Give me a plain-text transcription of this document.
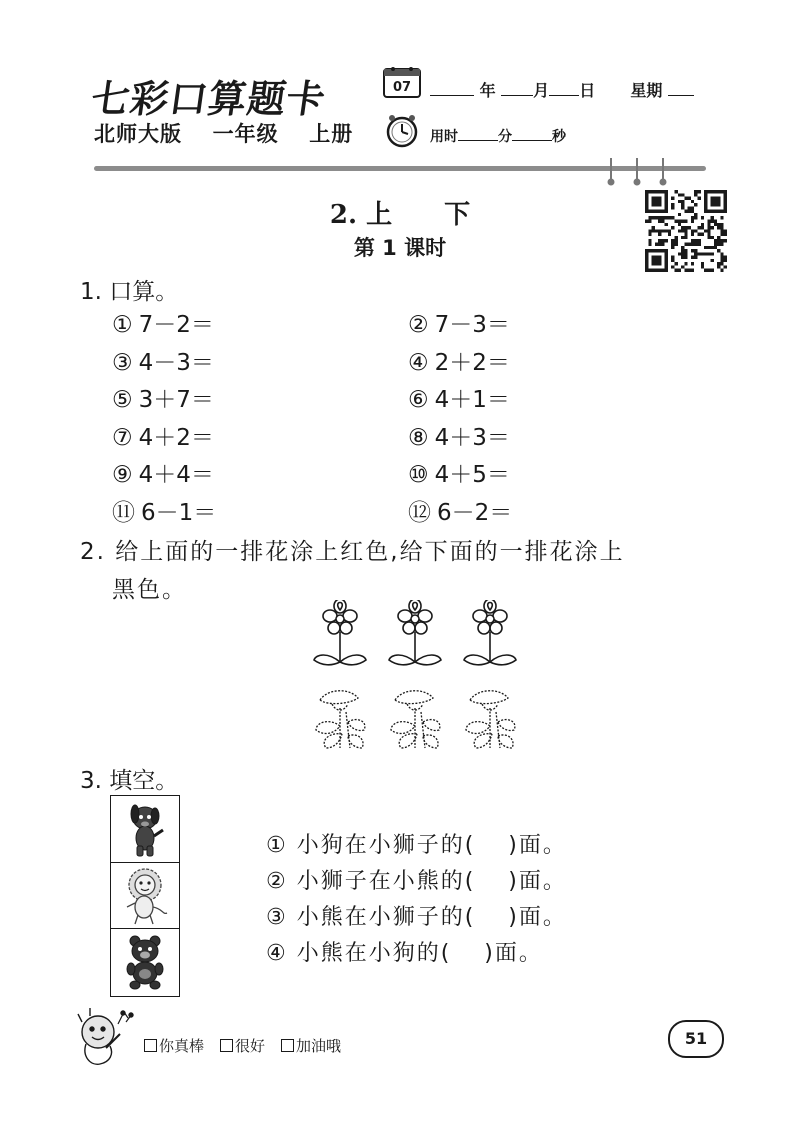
七彩口算题卡	07	年 月 日 星期
北师大版 一年级 上册	用时	分	秒
2. 上　　下
第 1 课时
1. 口算。
① 7－2＝	② 7－3＝
③ 4－3＝	④ 2＋2＝
⑤ 3＋7＝	⑥ 4＋1＝
⑦ 4＋2＝	⑧ 4＋3＝
⑨ 4＋4＝	⑩ 4＋5＝
⑪ 6－1＝	⑫ 6－2＝
2. 给上面的一排花涂上红色,给下面的一排花涂上
黑色。
3. 填空。
① 小狗在小狮子的(　 )面。
② 小狮子在小熊的(　 )面。
③ 小熊在小狮子的(　 )面。
④ 小熊在小狗的(　 )面。
你真棒 很好 加油哦	51
